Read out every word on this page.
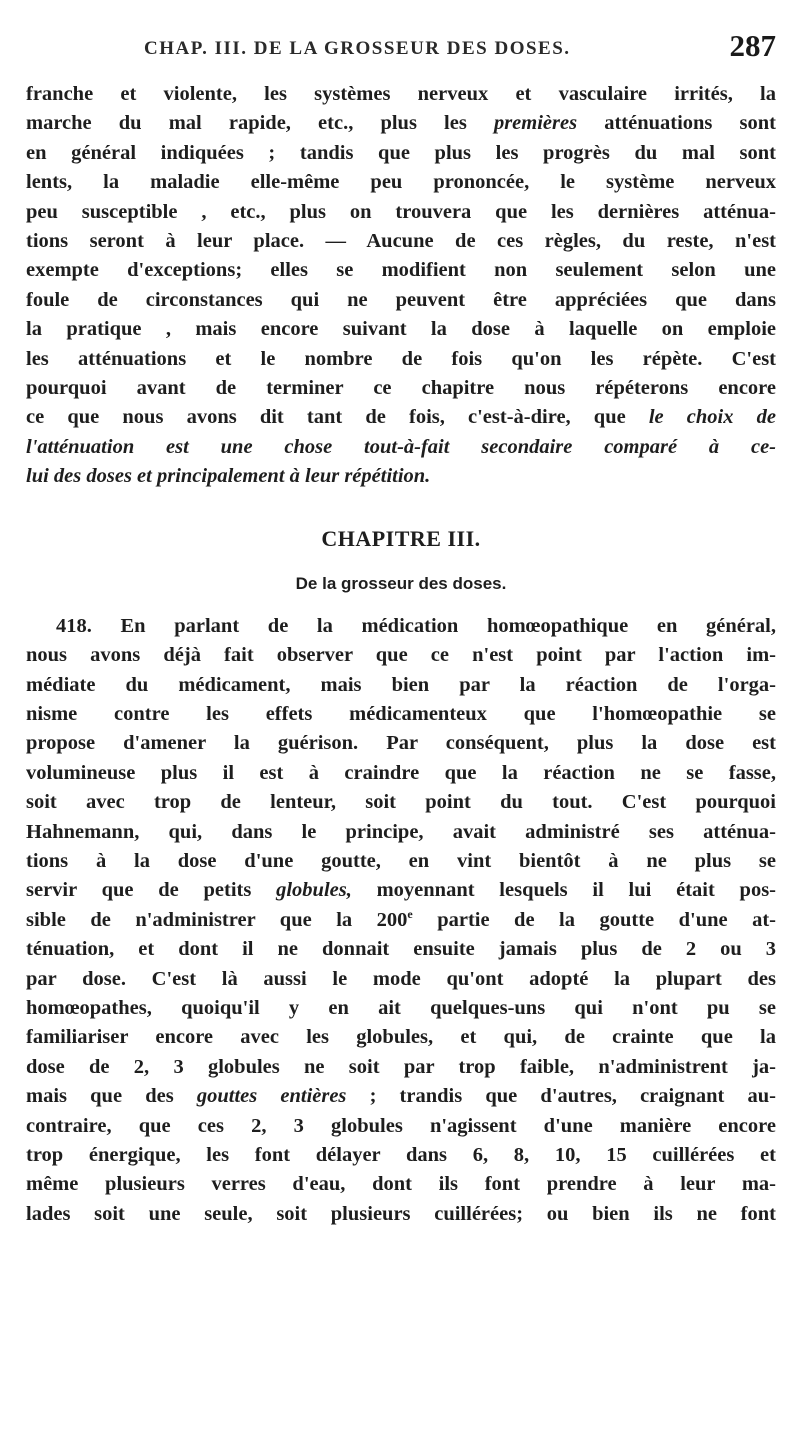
CHAP. III. DE LA GROSSEUR DES DOSES.	287
franche et violente, les systèmes nerveux et vasculaire irrités, la
marche du mal rapide, etc., plus les premières atténuations sont
en général indiquées ; tandis que plus les progrès du mal sont
lents, la maladie elle-même peu prononcée, le système nerveux
peu susceptible , etc., plus on trouvera que les dernières atténua-
tions seront à leur place. — Aucune de ces règles, du reste, n'est
exempte d'exceptions; elles se modifient non seulement selon une
foule de circonstances qui ne peuvent être appréciées que dans
la pratique , mais encore suivant la dose à laquelle on emploie
les atténuations et le nombre de fois qu'on les répète. C'est
pourquoi avant de terminer ce chapitre nous répéterons encore
ce que nous avons dit tant de fois, c'est-à-dire, que le choix de
l'atténuation est une chose tout-à-fait secondaire comparé à ce-
lui des doses et principalement à leur répétition.
CHAPITRE III.
De la grosseur des doses.
418. En parlant de la médication homœopathique en général,
nous avons déjà fait observer que ce n'est point par l'action im-
médiate du médicament, mais bien par la réaction de l'orga-
nisme contre les effets médicamenteux que l'homœopathie se
propose d'amener la guérison. Par conséquent, plus la dose est
volumineuse plus il est à craindre que la réaction ne se fasse,
soit avec trop de lenteur, soit point du tout. C'est pourquoi
Hahnemann, qui, dans le principe, avait administré ses atténua-
tions à la dose d'une goutte, en vint bientôt à ne plus se
servir que de petits globules, moyennant lesquels il lui était pos-
sible de n'administrer que la 200e partie de la goutte d'une at-
ténuation, et dont il ne donnait ensuite jamais plus de 2 ou 3
par dose. C'est là aussi le mode qu'ont adopté la plupart des
homœopathes, quoiqu'il y en ait quelques-uns qui n'ont pu se
familiariser encore avec les globules, et qui, de crainte que la
dose de 2, 3 globules ne soit par trop faible, n'administrent ja-
mais que des gouttes entières ; trandis que d'autres, craignant au-
contraire, que ces 2, 3 globules n'agissent d'une manière encore
trop énergique, les font délayer dans 6, 8, 10, 15 cuillérées et
même plusieurs verres d'eau, dont ils font prendre à leur ma-
lades soit une seule, soit plusieurs cuillérées; ou bien ils ne font
